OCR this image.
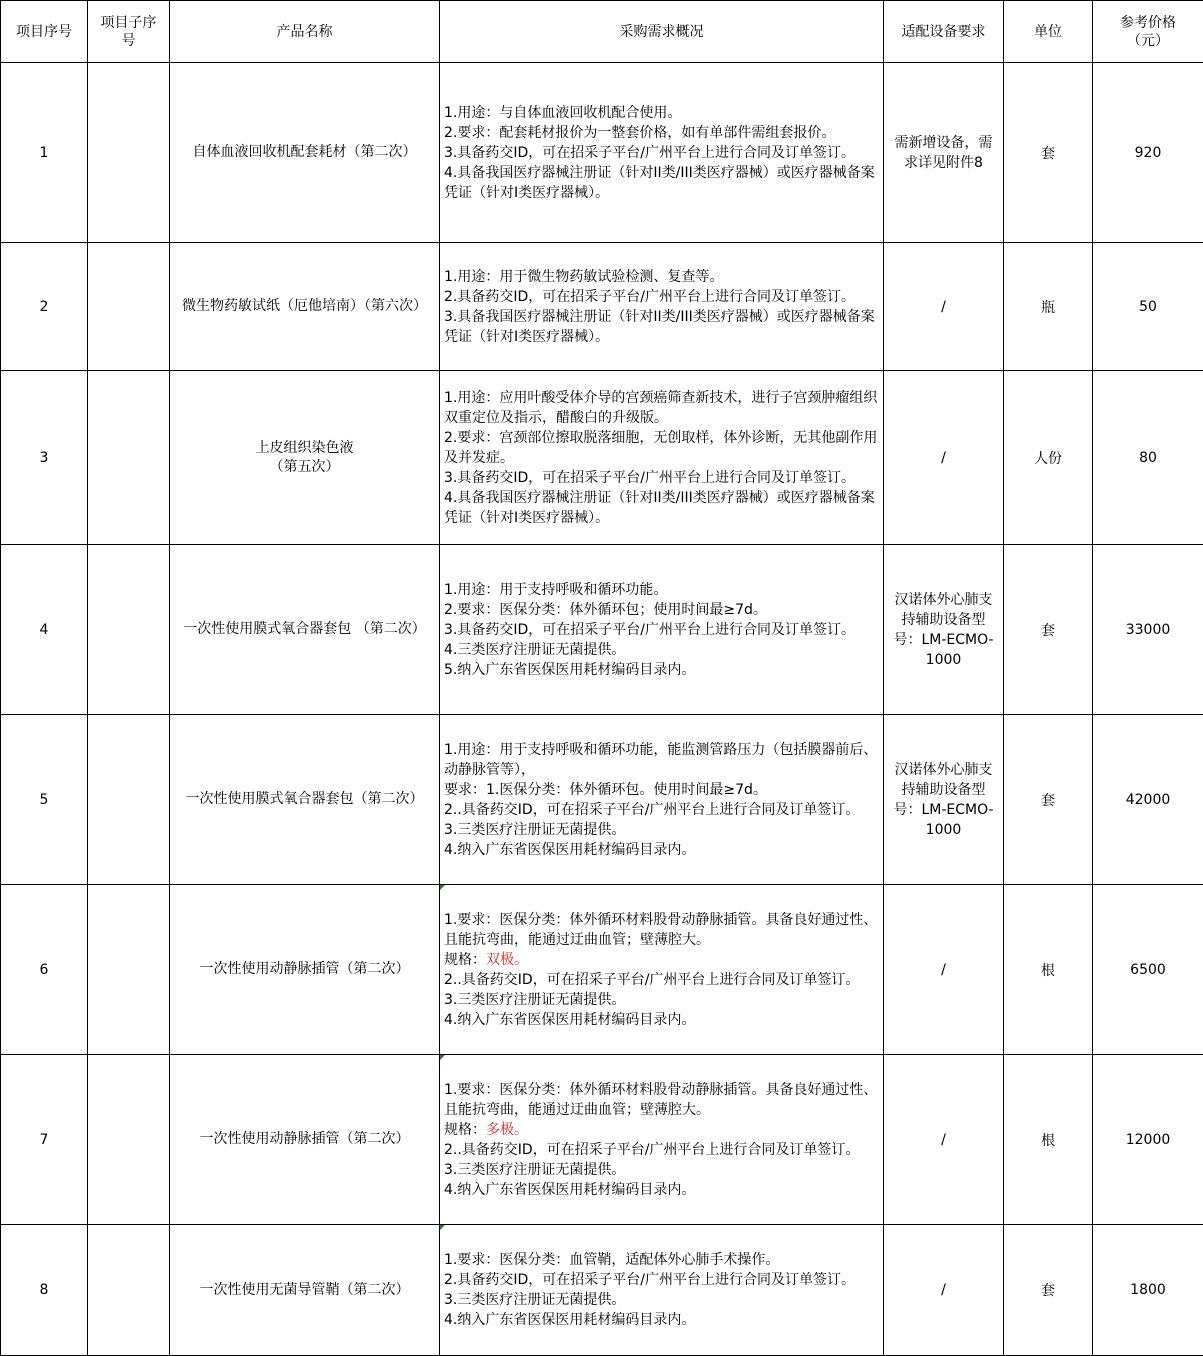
项目序号	项目子序号	产品名称	采购需求概况	适配设备要求	单位	参考价格（元）
1		自体血液回收机配套耗材（第二次）	1.用途：与自体血液回收机配合使用。
2.要求：配套耗材报价为一整套价格，如有单部件需组套报价。
3.具备药交ID，可在招采子平台/广州平台上进行合同及订单签订。
4.具备我国医疗器械注册证（针对II类/III类医疗器械）或医疗器械备案凭证（针对I类医疗器械）。	需新增设备，需求详见附件8	套	920
2		微生物药敏试纸（厄他培南）（第六次）	1.用途：用于微生物药敏试验检测、复查等。
2.具备药交ID，可在招采子平台/广州平台上进行合同及订单签订。
3.具备我国医疗器械注册证（针对II类/III类医疗器械）或医疗器械备案凭证（针对I类医疗器械）。	/	瓶	50
3		上皮组织染色液
（第五次）	1.用途：应用叶酸受体介导的宫颈癌筛查新技术，进行子宫颈肿瘤组织双重定位及指示，醋酸白的升级版。
2.要求：宫颈部位擦取脱落细胞，无创取样，体外诊断，无其他副作用及并发症。
3.具备药交ID，可在招采子平台/广州平台上进行合同及订单签订。
4.具备我国医疗器械注册证（针对II类/III类医疗器械）或医疗器械备案凭证（针对I类医疗器械）。	/	人份	80
4		一次性使用膜式氧合器套包 （第二次）	1.用途：用于支持呼吸和循环功能。
2.要求：医保分类：体外循环包；使用时间最≥7d。
3.具备药交ID，可在招采子平台/广州平台上进行合同及订单签订。
4.三类医疗注册证无菌提供。
5.纳入广东省医保医用耗材编码目录内。	汉诺体外心肺支持辅助设备型号：LM-ECMO-1000	套	33000
5		一次性使用膜式氧合器套包（第二次）	1.用途：用于支持呼吸和循环功能，能监测管路压力（包括膜器前后、动静脉管等），
要求：1.医保分类：体外循环包。使用时间最≥7d。
2..具备药交ID，可在招采子平台/广州平台上进行合同及订单签订。
3.三类医疗注册证无菌提供。
4.纳入广东省医保医用耗材编码目录内。	汉诺体外心肺支持辅助设备型号：LM-ECMO-1000	套	42000
6		一次性使用动静脉插管（第二次）	1.要求：医保分类：体外循环材料股骨动静脉插管。具备良好通过性、且能抗弯曲，能通过迂曲血管；壁薄腔大。
规格：双极。
2..具备药交ID，可在招采子平台/广州平台上进行合同及订单签订。
3.三类医疗注册证无菌提供。
4.纳入广东省医保医用耗材编码目录内。	/	根	6500
7		一次性使用动静脉插管（第二次）	1.要求：医保分类：体外循环材料股骨动静脉插管。具备良好通过性、且能抗弯曲，能通过迂曲血管；壁薄腔大。
规格：多极。
2..具备药交ID，可在招采子平台/广州平台上进行合同及订单签订。
3.三类医疗注册证无菌提供。
4.纳入广东省医保医用耗材编码目录内。	/	根	12000
8		一次性使用无菌导管鞘（第二次）	1.要求：医保分类：血管鞘，适配体外心肺手术操作。
2.具备药交ID，可在招采子平台/广州平台上进行合同及订单签订。
3.三类医疗注册证无菌提供。
4.纳入广东省医保医用耗材编码目录内。	/	套	1800
